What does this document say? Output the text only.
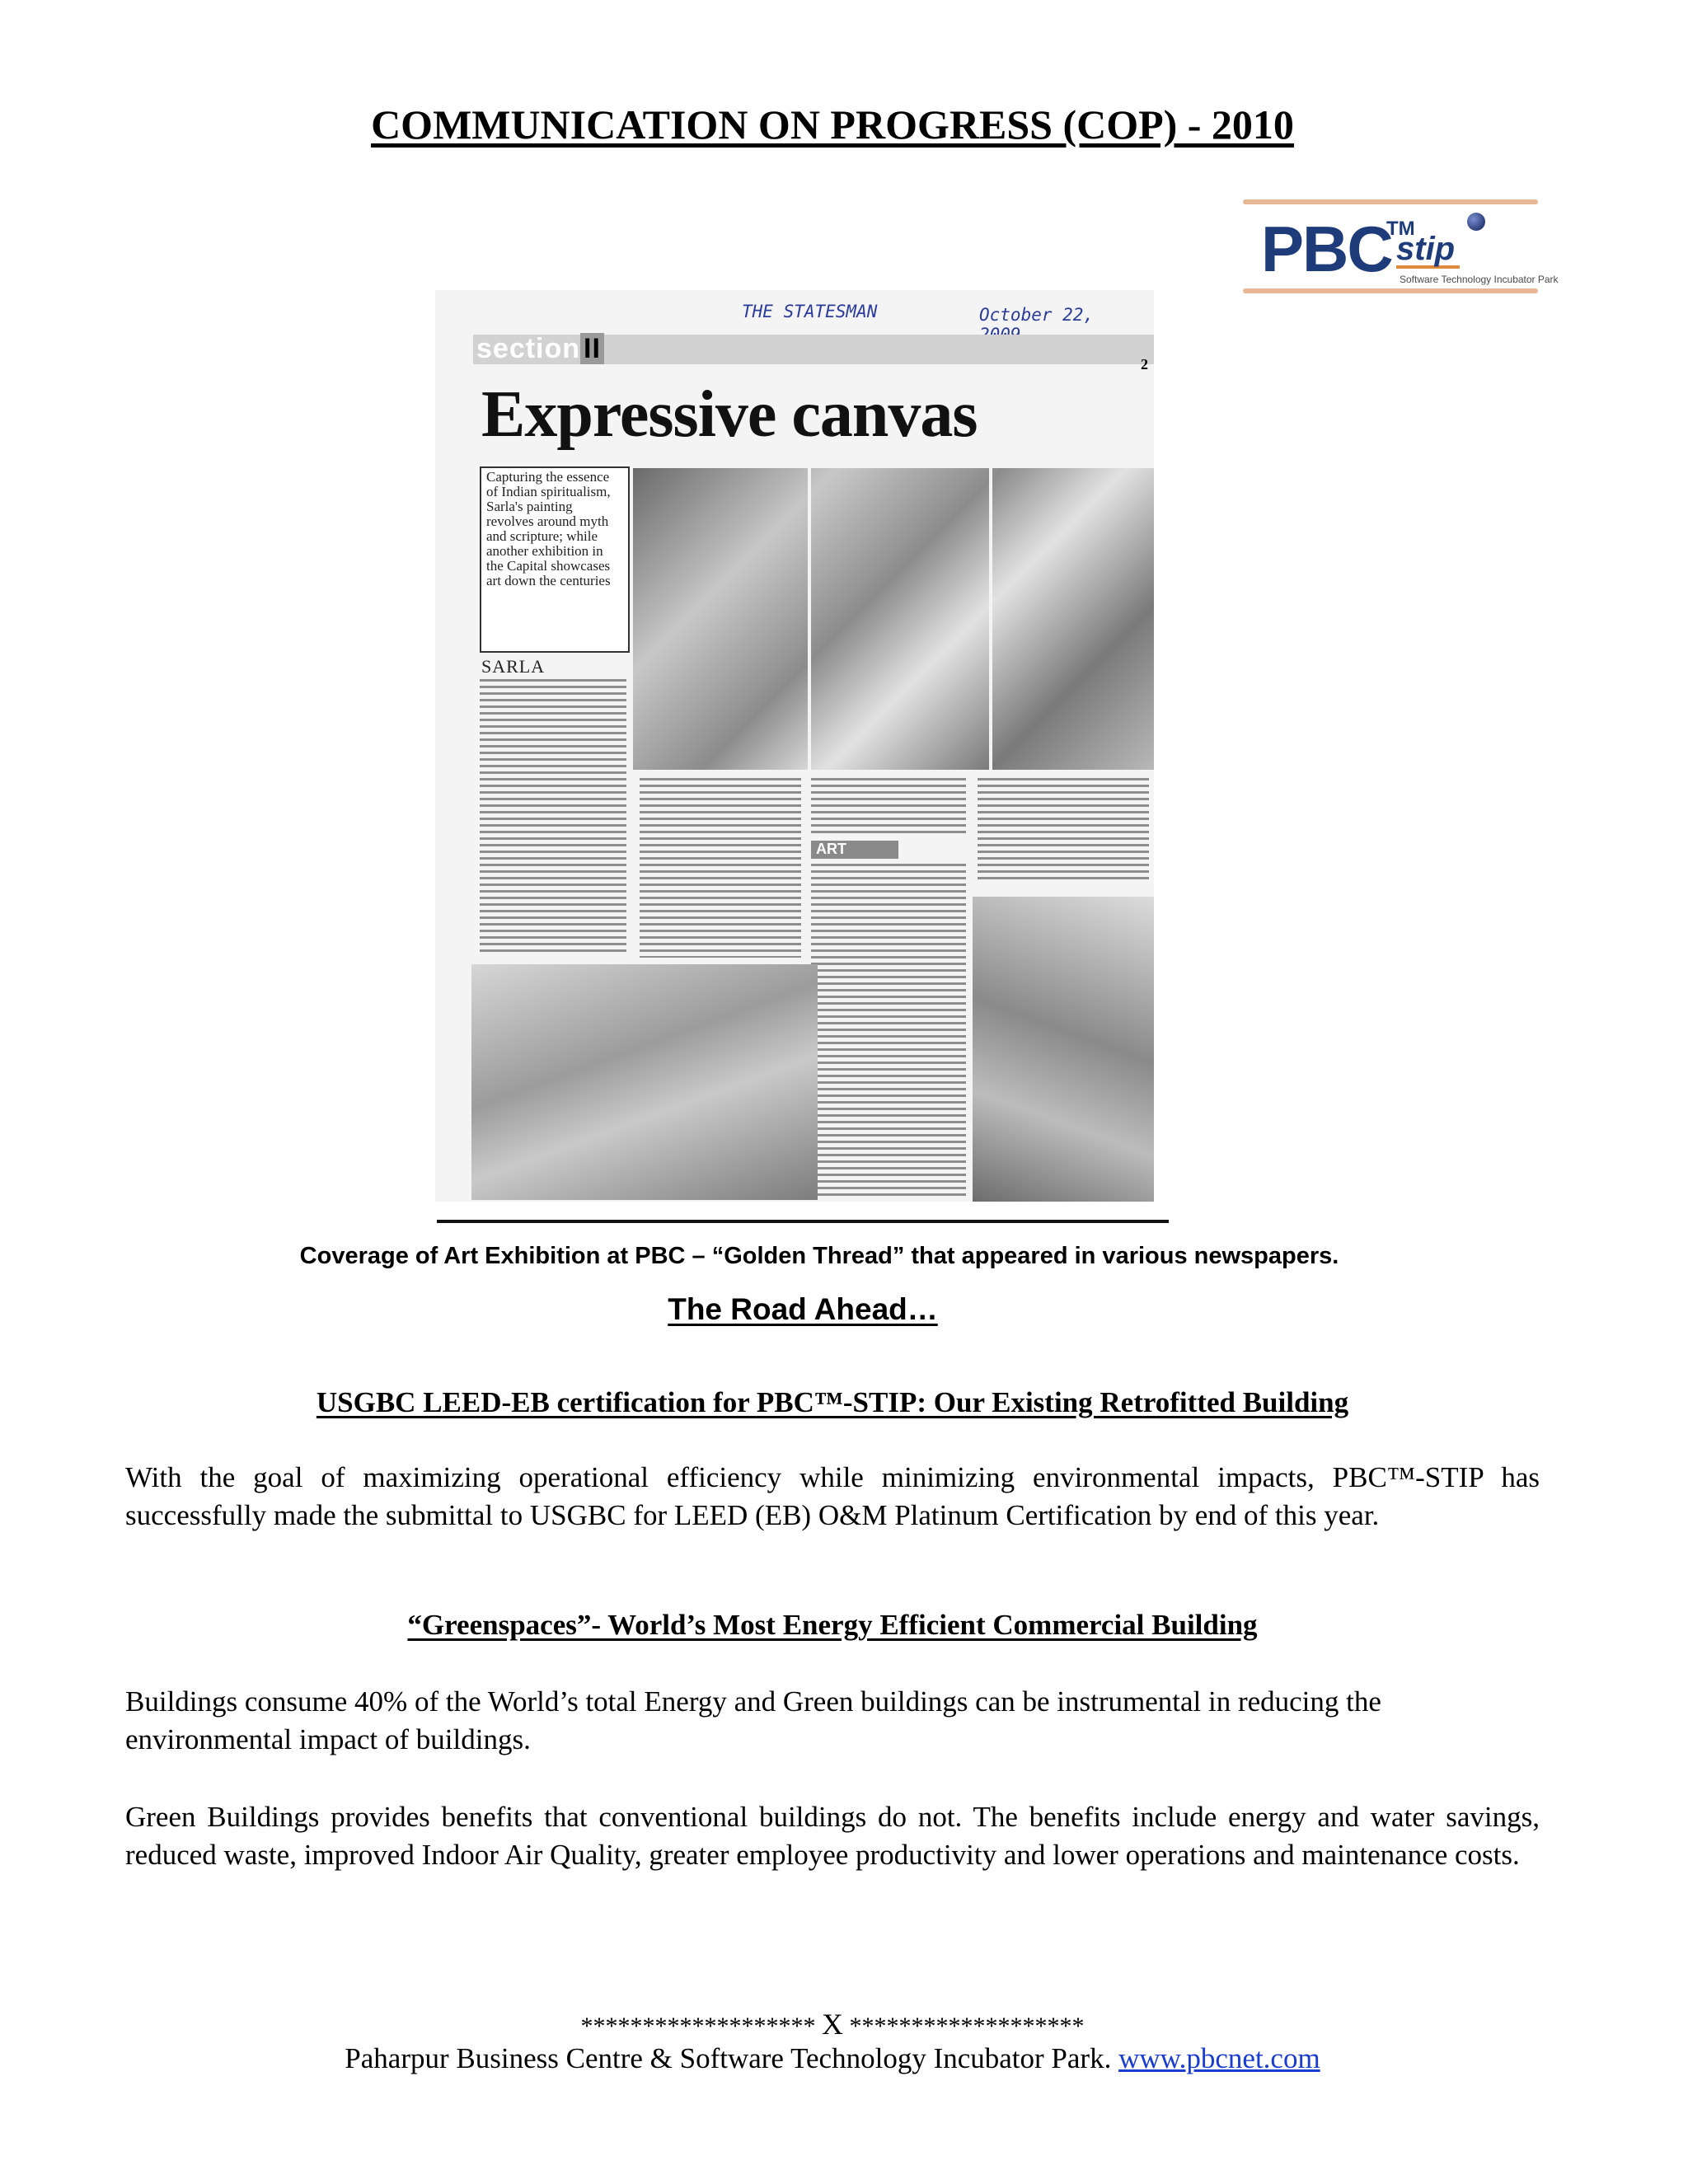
COMMUNICATION ON PROGRESS (COP) - 2010
PBC
TM
stip
Software Technology Incubator Park
THE STATESMAN	October 22,
section II	2
Expressive canvas
Capturing the essence of Indian spiritualism, Sarla's painting revolves around myth and scripture; while another exhibition in the Capital showcases art down the centuries
SARLA
ART
Coverage of Art Exhibition at PBC – “Golden Thread” that appeared in various newspapers.
The Road Ahead…
USGBC LEED-EB certification for PBC™-STIP: Our Existing Retrofitted Building
With the goal of maximizing operational efficiency while minimizing environmental impacts, PBC™-STIP has successfully made the submittal to USGBC for LEED (EB) O&M Platinum Certification by end of this year.
“Greenspaces”- World’s Most Energy Efficient Commercial Building
Buildings consume 40% of the World’s total Energy and Green buildings can be instrumental in reducing the environmental impact of buildings.
Green Buildings provides benefits that conventional buildings do not. The benefits include energy and water savings, reduced waste, improved Indoor Air Quality, greater employee productivity and lower operations and maintenance costs.
******************* X *******************
Paharpur Business Centre & Software Technology Incubator Park. www.pbcnet.com
